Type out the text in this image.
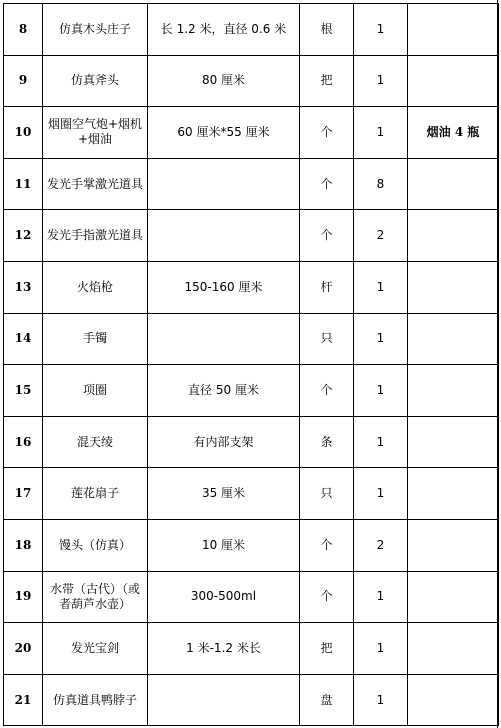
8	仿真木头庄子	长 1.2 米，直径 0.6 米	根	1	
9	仿真斧头	80 厘米	把	1	
10	烟圈空气炮+烟机+烟油	60 厘米*55 厘米	个	1	烟油 4 瓶
11	发光手掌激光道具		个	8	
12	发光手指激光道具		个	2	
13	火焰枪	150-160 厘米	杆	1	
14	手镯		只	1	
15	项圈	直径 50 厘米	个	1	
16	混天绫	有内部支架	条	1	
17	莲花扇子	35 厘米	只	1	
18	馒头（仿真）	10 厘米	个	2	
19	水带（古代）（或者葫芦水壶）	300-500ml	个	1	
20	发光宝剑	1 米-1.2 米长	把	1	
21	仿真道具鸭脖子		盘	1	
